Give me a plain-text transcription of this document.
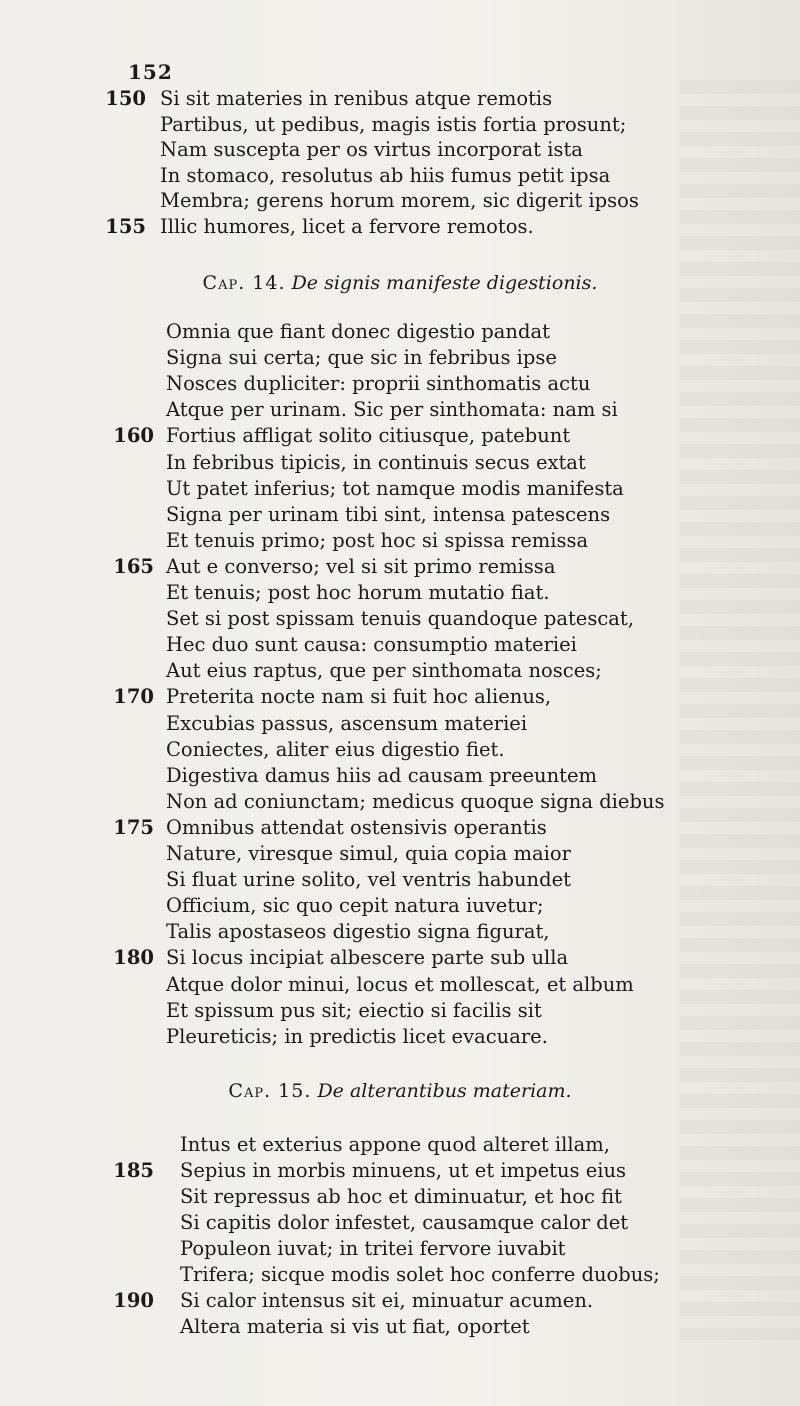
152
150 Si sit materies in renibus atque remotis
Partibus, ut pedibus, magis istis fortia prosunt;
Nam suscepta per os virtus incorporat ista
In stomaco, resolutus ab hiis fumus petit ipsa
Membra; gerens horum morem, sic digerit ipsos
155 Illic humores, licet a fervore remotos.
Cap. 14. De signis manifeste digestionis.
Omnia que fiant donec digestio pandat
Signa sui certa; que sic in febribus ipse
Nosces dupliciter: proprii sinthomatis actu
Atque per urinam. Sic per sinthomata: nam si
160 Fortius affligat solito citiusque, patebunt
In febribus tipicis, in continuis secus extat
Ut patet inferius; tot namque modis manifesta
Signa per urinam tibi sint, intensa patescens
Et tenuis primo; post hoc si spissa remissa
165 Aut e converso; vel si sit primo remissa
Et tenuis; post hoc horum mutatio fiat.
Set si post spissam tenuis quandoque patescat,
Hec duo sunt causa: consumptio materiei
Aut eius raptus, que per sinthomata nosces;
170 Preterita nocte nam si fuit hoc alienus,
Excubias passus, ascensum materiei
Coniectes, aliter eius digestio fiet.
Digestiva damus hiis ad causam preeuntem
Non ad coniunctam; medicus quoque signa diebus
175 Omnibus attendat ostensivis operantis
Nature, viresque simul, quia copia maior
Si fluat urine solito, vel ventris habundet
Officium, sic quo cepit natura iuvetur;
Talis apostaseos digestio signa figurat,
180 Si locus incipiat albescere parte sub ulla
Atque dolor minui, locus et mollescat, et album
Et spissum pus sit; eiectio si facilis sit
Pleureticis; in predictis licet evacuare.
Cap. 15. De alterantibus materiam.
Intus et exterius appone quod alteret illam,
185 Sepius in morbis minuens, ut et impetus eius
Sit repressus ab hoc et diminuatur, et hoc fit
Si capitis dolor infestet, causamque calor det
Populeon iuvat; in tritei fervore iuvabit
Trifera; sicque modis solet hoc conferre duobus;
190 Si calor intensus sit ei, minuatur acumen.
Altera materia si vis ut fiat, oportet
